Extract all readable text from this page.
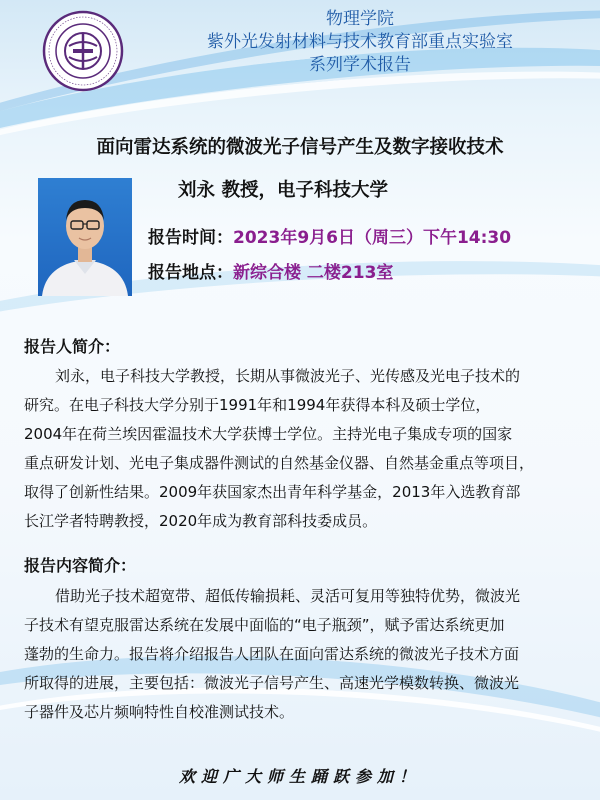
物理学院
紫外光发射材料与技术教育部重点实验室
系列学术报告
面向雷达系统的微波光子信号产生及数字接收技术
刘永 教授，电子科技大学
报告时间：2023年9月6日（周三）下午14:30
报告地点：新综合楼 二楼213室
报告人简介：
刘永，电子科技大学教授，长期从事微波光子、光传感及光电子技术的
研究。在电子科技大学分别于1991年和1994年获得本科及硕士学位，
2004年在荷兰埃因霍温技术大学获博士学位。主持光电子集成专项的国家
重点研发计划、光电子集成器件测试的自然基金仪器、自然基金重点等项目，
取得了创新性结果。2009年获国家杰出青年科学基金，2013年入选教育部
长江学者特聘教授，2020年成为教育部科技委成员。
报告内容简介：
借助光子技术超宽带、超低传输损耗、灵活可复用等独特优势，微波光
子技术有望克服雷达系统在发展中面临的“电子瓶颈”，赋予雷达系统更加
蓬勃的生命力。报告将介绍报告人团队在面向雷达系统的微波光子技术方面
所取得的进展，主要包括：微波光子信号产生、高速光学模数转换、微波光
子器件及芯片频响特性自校准测试技术。
欢迎广大师生踊跃参加！
